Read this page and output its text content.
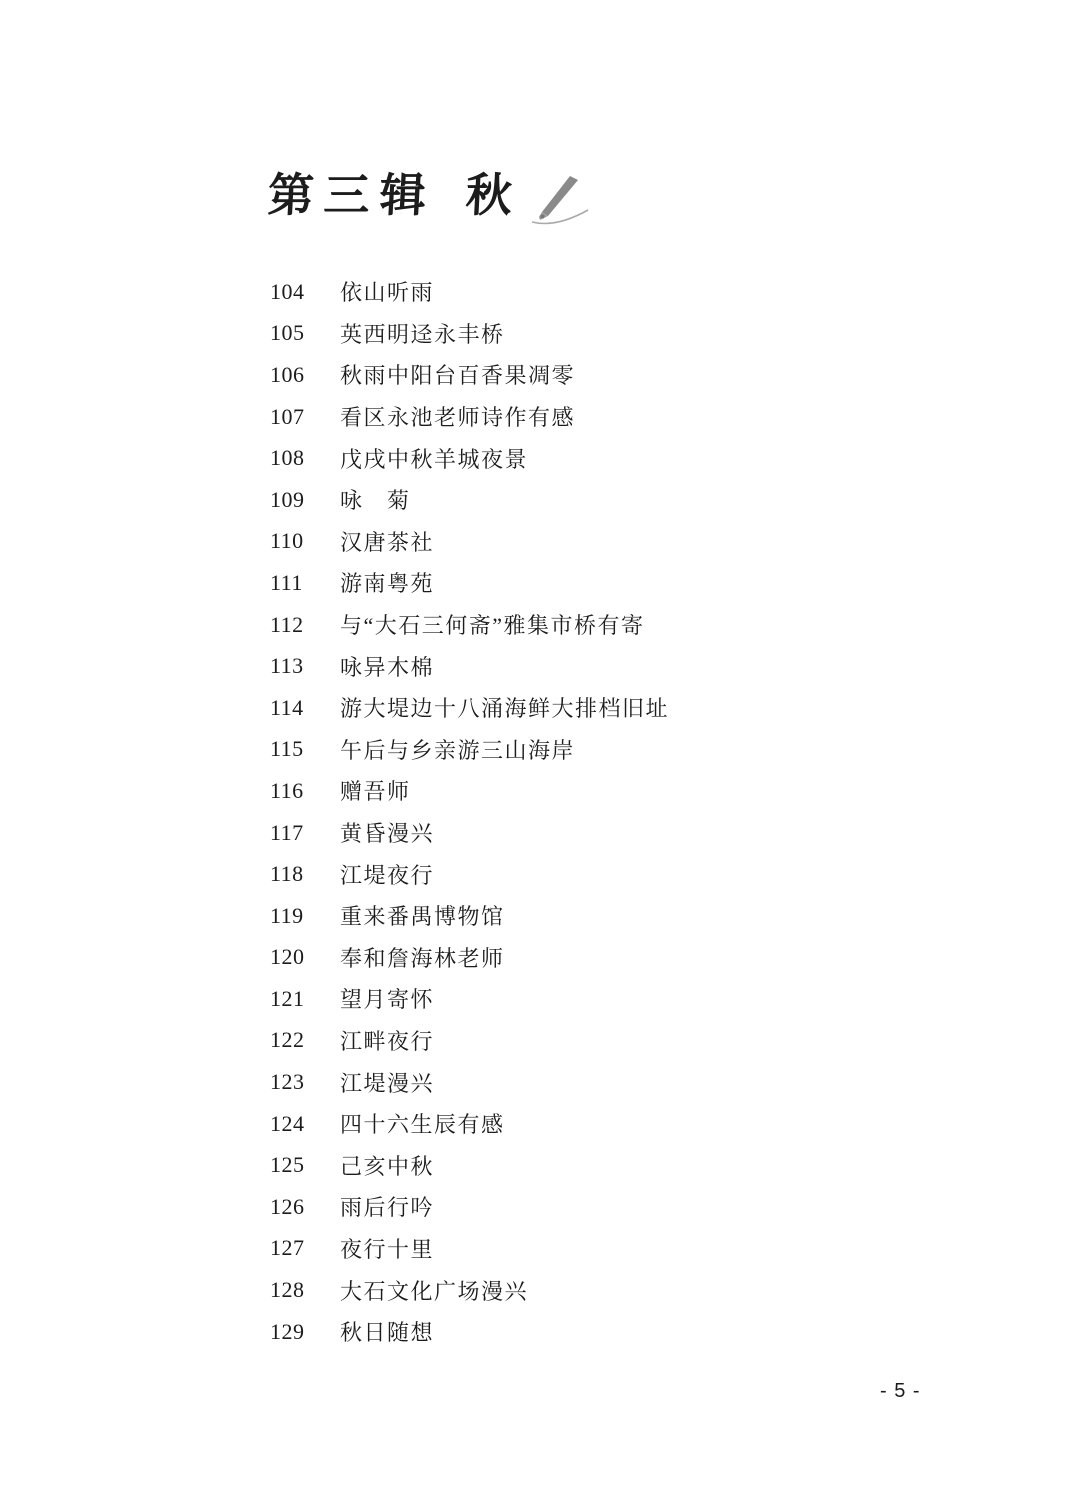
第三辑 秋
104	依山听雨
105	英西明迳永丰桥
106	秋雨中阳台百香果凋零
107	看区永池老师诗作有感
108	戊戌中秋羊城夜景
109	咏　菊
110	汉唐茶社
111	游南粤苑
112	与“大石三何斋”雅集市桥有寄
113	咏异木棉
114	游大堤边十八涌海鲜大排档旧址
115	午后与乡亲游三山海岸
116	赠吾师
117	黄昏漫兴
118	江堤夜行
119	重来番禺博物馆
120	奉和詹海林老师
121	望月寄怀
122	江畔夜行
123	江堤漫兴
124	四十六生辰有感
125	己亥中秋
126	雨后行吟
127	夜行十里
128	大石文化广场漫兴
129	秋日随想
- 5 -
